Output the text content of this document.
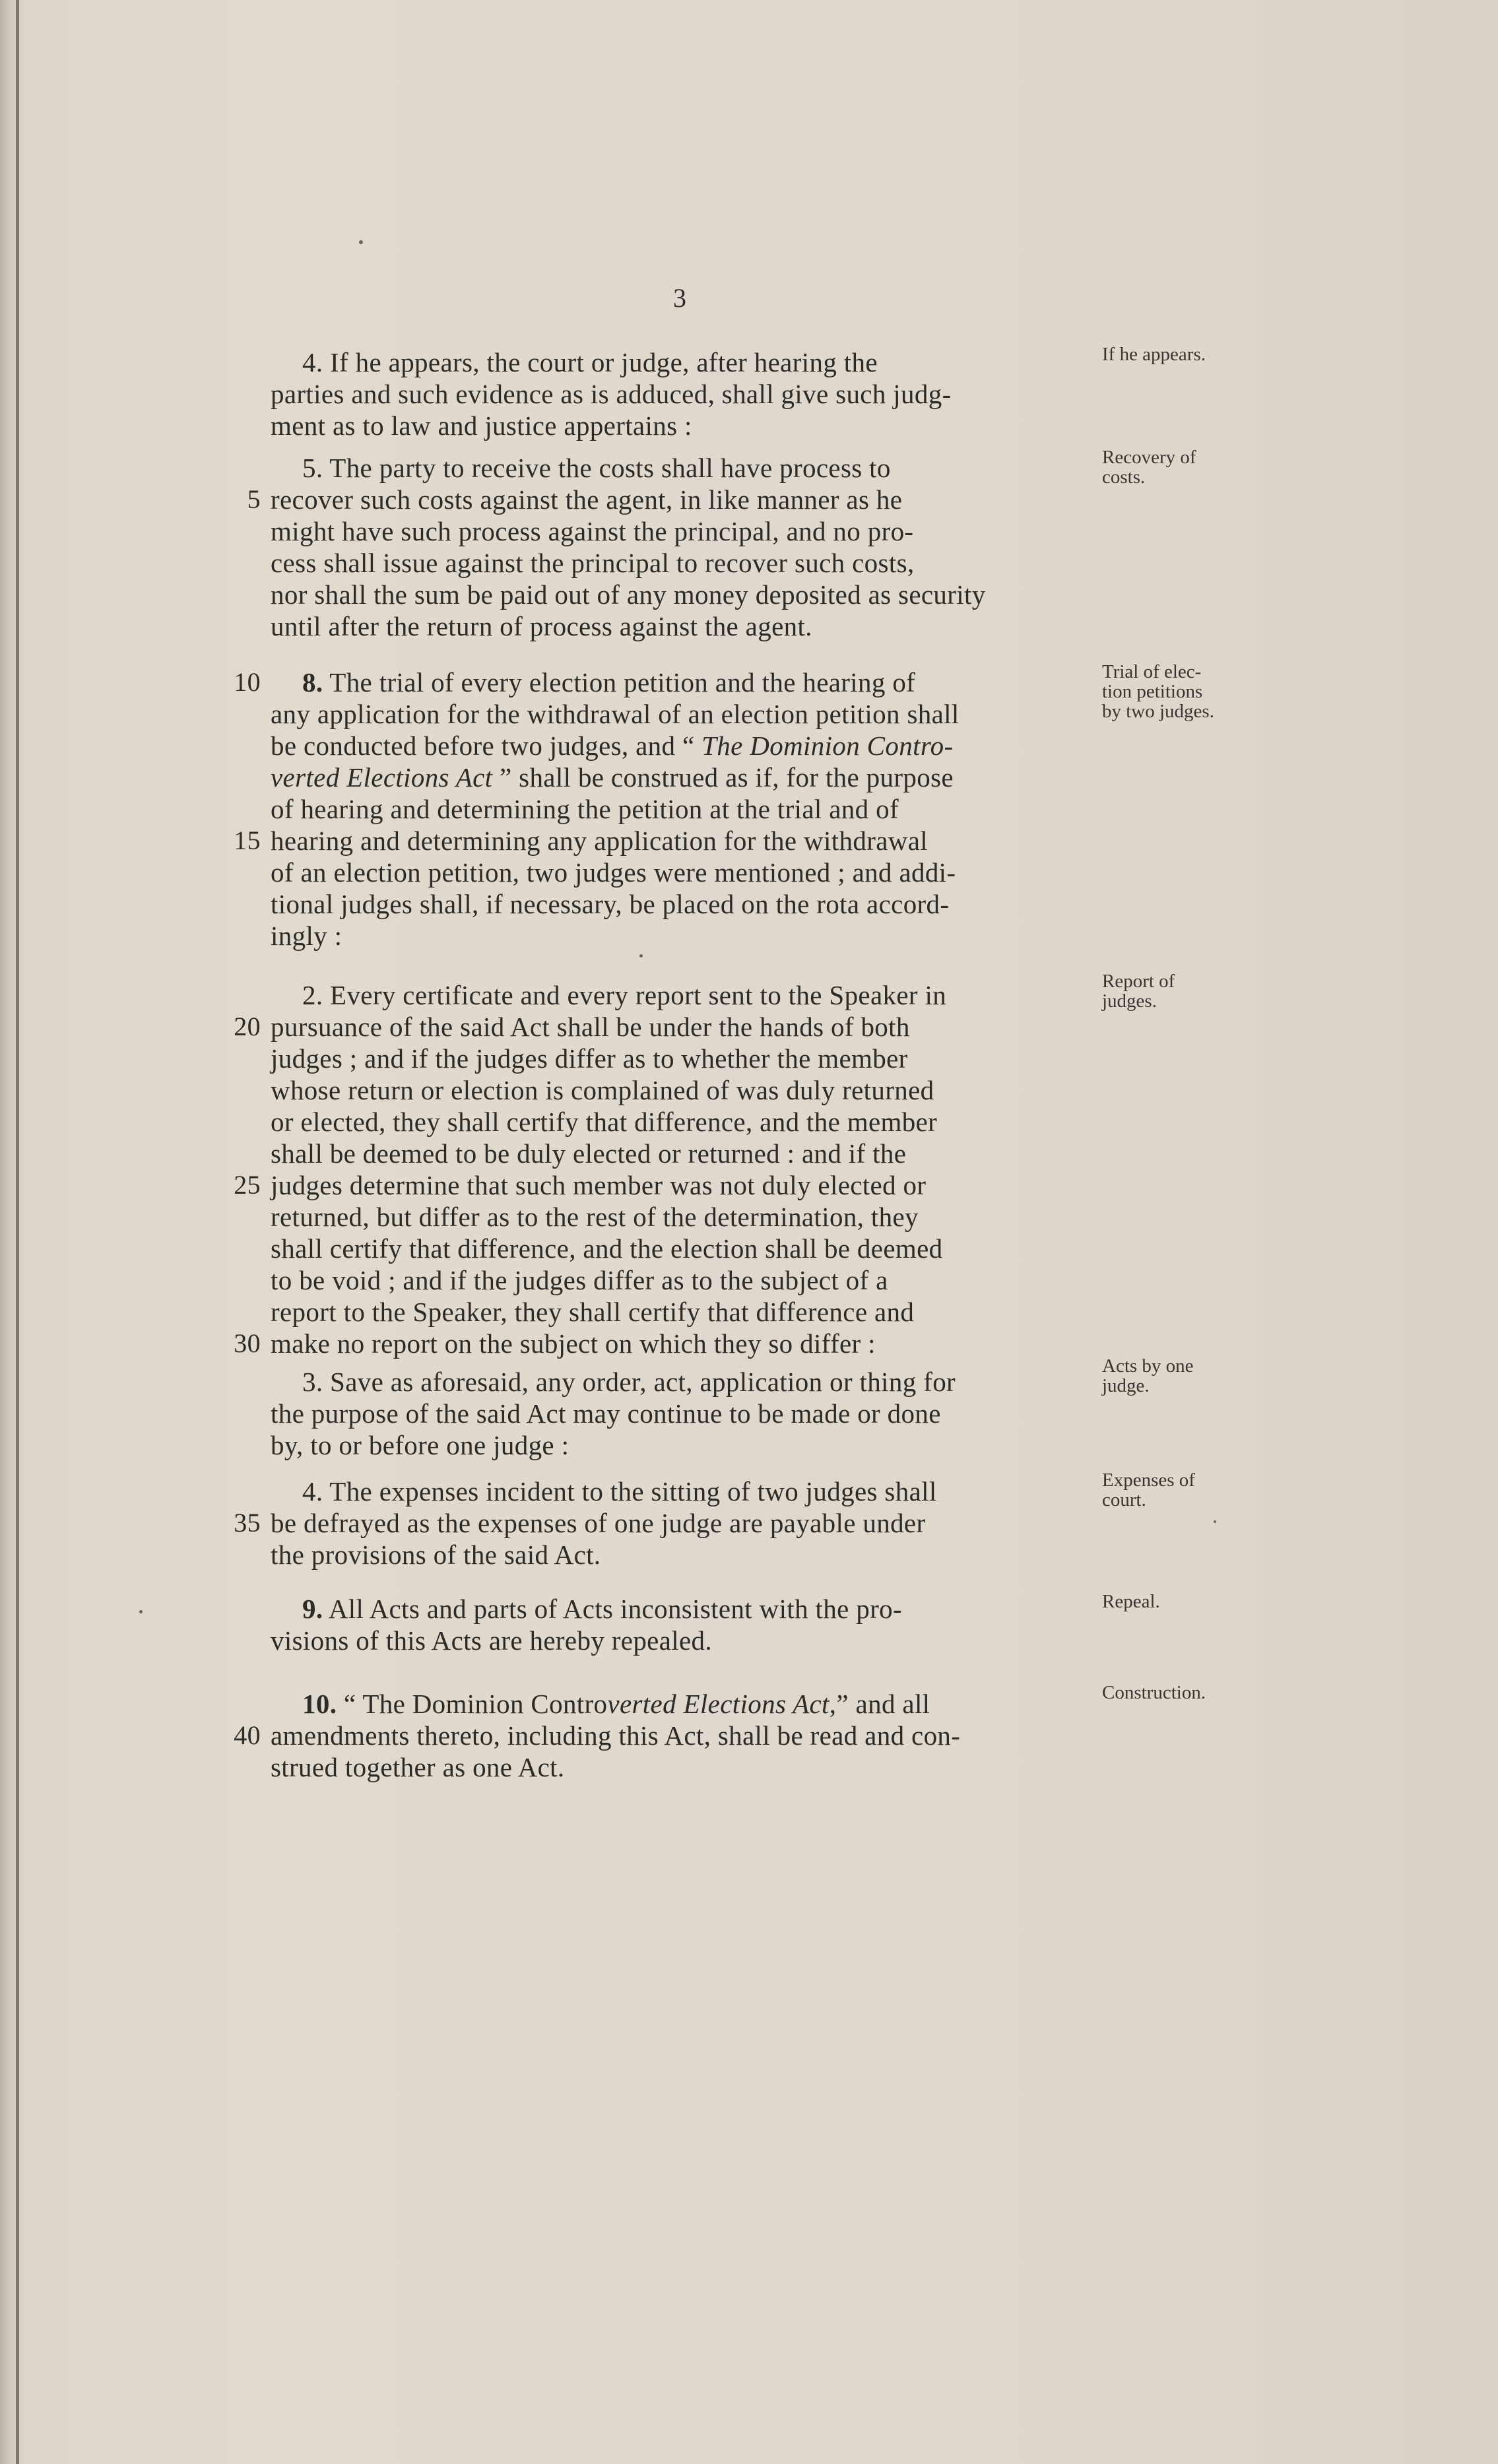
3
4. If he appears, the court or judge, after hearing the
parties and such evidence as is adduced, shall give such judg-
ment as to law and justice appertains :
If he appears.
5. The party to receive the costs shall have process to
5 recover such costs against the agent, in like manner as he
might have such process against the principal, and no pro-
cess shall issue against the principal to recover such costs,
nor shall the sum be paid out of any money deposited as security
until after the return of process against the agent.
Recovery of
costs.
10 8. The trial of every election petition and the hearing of
any application for the withdrawal of an election petition shall
be conducted before two judges, and “ The Dominion Contro-
verted Elections Act ” shall be construed as if, for the purpose
of hearing and determining the petition at the trial and of
15 hearing and determining any application for the withdrawal
of an election petition, two judges were mentioned ; and addi-
tional judges shall, if necessary, be placed on the rota accord-
ingly :
Trial of elec-
tion petitions
by two judges.
2. Every certificate and every report sent to the Speaker in
20 pursuance of the said Act shall be under the hands of both
judges ; and if the judges differ as to whether the member
whose return or election is complained of was duly returned
or elected, they shall certify that difference, and the member
shall be deemed to be duly elected or returned : and if the
25 judges determine that such member was not duly elected or
returned, but differ as to the rest of the determination, they
shall certify that difference, and the election shall be deemed
to be void ; and if the judges differ as to the subject of a
report to the Speaker, they shall certify that difference and
30 make no report on the subject on which they so differ :
Report of
judges.
3. Save as aforesaid, any order, act, application or thing for
the purpose of the said Act may continue to be made or done
by, to or before one judge :
Acts by one
judge.
4. The expenses incident to the sitting of two judges shall
35 be defrayed as the expenses of one judge are payable under
the provisions of the said Act.
Expenses of
court.
9. All Acts and parts of Acts inconsistent with the pro-
visions of this Acts are hereby repealed.
Repeal.
10. “ The Dominion Controverted Elections Act,” and all
40 amendments thereto, including this Act, shall be read and con-
strued together as one Act.
Construction.
